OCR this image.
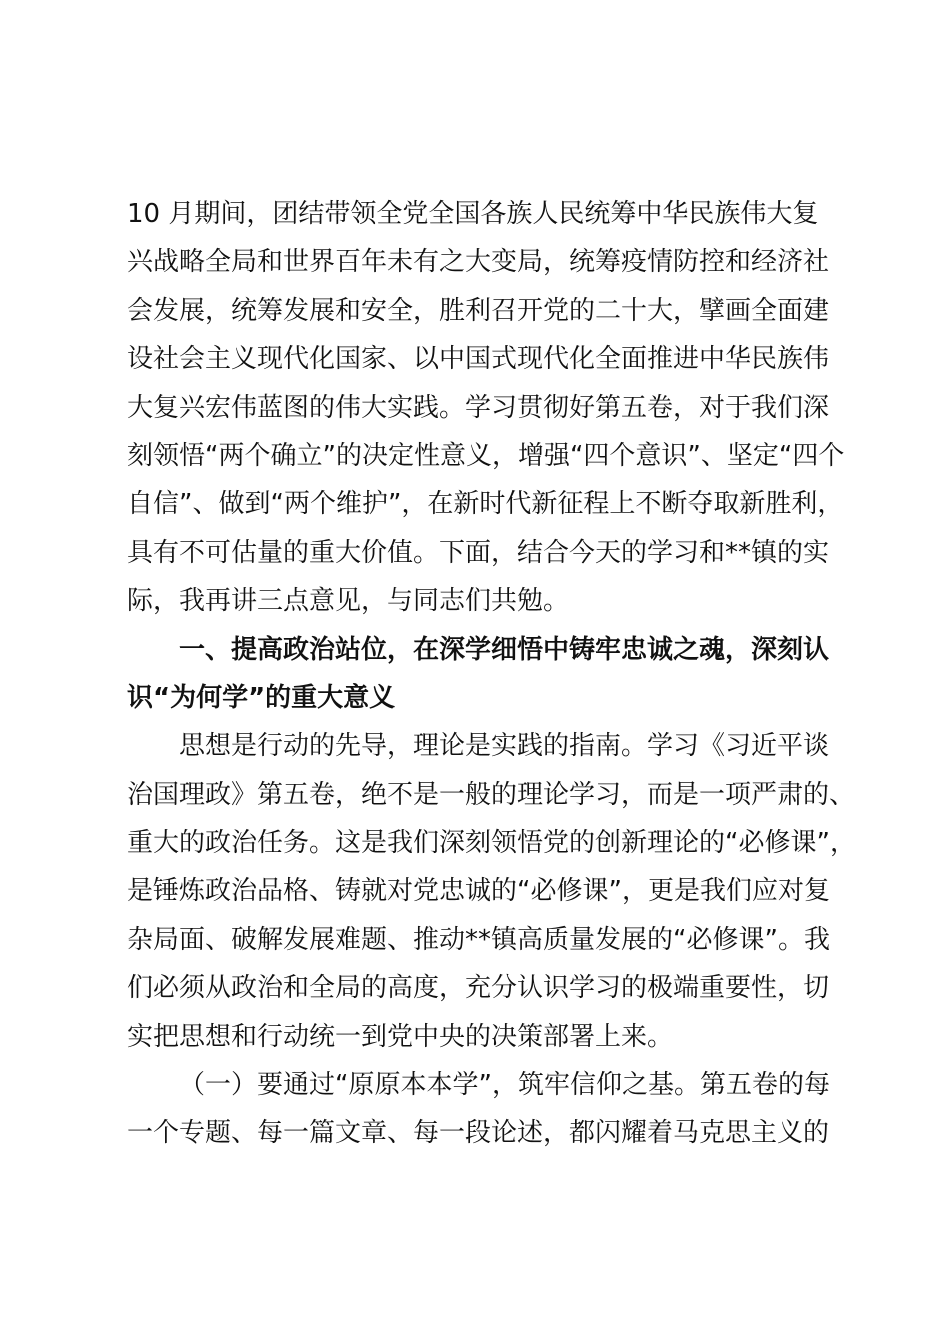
10 月期间，团结带领全党全国各族人民统筹中华民族伟大复
兴战略全局和世界百年未有之大变局，统筹疫情防控和经济社
会发展，统筹发展和安全，胜利召开党的二十大，擘画全面建
设社会主义现代化国家、以中国式现代化全面推进中华民族伟
大复兴宏伟蓝图的伟大实践。学习贯彻好第五卷，对于我们深
刻领悟“两个确立”的决定性意义，增强“四个意识”、坚定“四个
自信”、做到“两个维护”，在新时代新征程上不断夺取新胜利，
具有不可估量的重大价值。下面，结合今天的学习和**镇的实
际，我再讲三点意见，与同志们共勉。
一、提高政治站位，在深学细悟中铸牢忠诚之魂，深刻认
识“为何学”的重大意义
思想是行动的先导，理论是实践的指南。学习《习近平谈
治国理政》第五卷，绝不是一般的理论学习，而是一项严肃的、
重大的政治任务。这是我们深刻领悟党的创新理论的“必修课”，
是锤炼政治品格、铸就对党忠诚的“必修课”，更是我们应对复
杂局面、破解发展难题、推动**镇高质量发展的“必修课”。我
们必须从政治和全局的高度，充分认识学习的极端重要性，切
实把思想和行动统一到党中央的决策部署上来。
（一）要通过“原原本本学”，筑牢信仰之基。第五卷的每
一个专题、每一篇文章、每一段论述，都闪耀着马克思主义的
